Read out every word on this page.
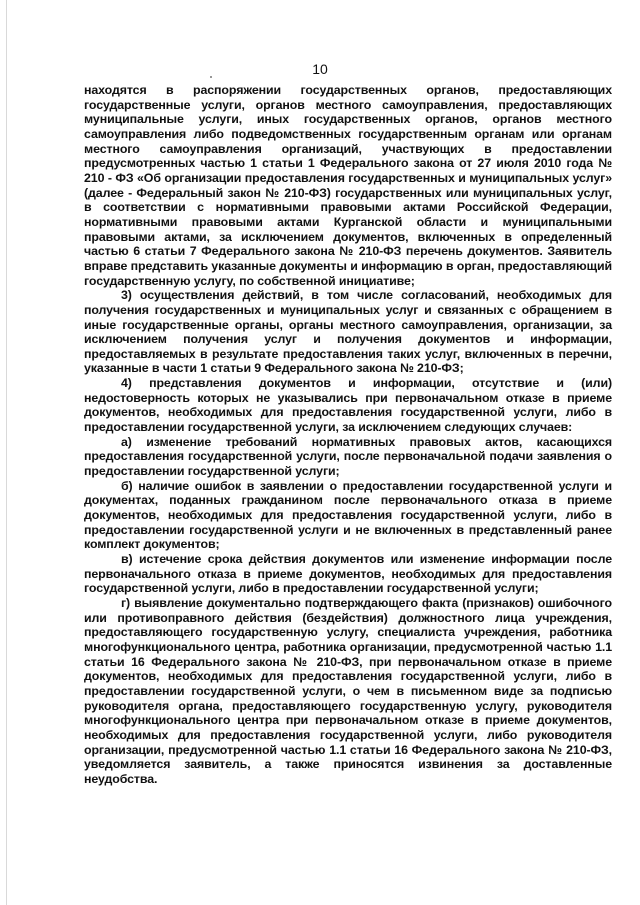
10

находятся в распоряжении государственных органов, предоставляющих государственные услуги, органов местного самоуправления, предоставляющих муниципальные услуги, иных государственных органов, органов местного самоуправления либо подведомственных государственным органам или органам местного самоуправления организаций, участвующих в предоставлении предусмотренных частью 1 статьи 1 Федерального закона от 27 июля 2010 года № 210 - ФЗ «Об организации предоставления государственных и муниципальных услуг» (далее - Федеральный закон № 210-ФЗ) государственных или муниципальных услуг, в соответствии с нормативными правовыми актами Российской Федерации, нормативными правовыми актами Курганской области и муниципальными правовыми актами, за исключением документов, включенных в определенный частью 6 статьи 7 Федерального закона № 210-ФЗ перечень документов. Заявитель вправе представить указанные документы и информацию в орган, предоставляющий государственную услугу, по собственной инициативе;

3) осуществления действий, в том числе согласований, необходимых для получения государственных и муниципальных услуг и связанных с обращением в иные государственные органы, органы местного самоуправления, организации, за исключением получения услуг и получения документов и информации, предоставляемых в результате предоставления таких услуг, включенных в перечни, указанные в части 1 статьи 9 Федерального закона № 210-ФЗ;

4) представления документов и информации, отсутствие и (или) недостоверность которых не указывались при первоначальном отказе в приеме документов, необходимых для предоставления государственной услуги, либо в предоставлении государственной услуги, за исключением следующих случаев:

а) изменение требований нормативных правовых актов, касающихся предоставления государственной услуги, после первоначальной подачи заявления о предоставлении государственной услуги;

б) наличие ошибок в заявлении о предоставлении государственной услуги и документах, поданных гражданином после первоначального отказа в приеме документов, необходимых для предоставления государственной услуги, либо в предоставлении государственной услуги и не включенных в представленный ранее комплект документов;

в) истечение срока действия документов или изменение информации после первоначального отказа в приеме документов, необходимых для предоставления государственной услуги, либо в предоставлении государственной услуги;

г) выявление документально подтверждающего факта (признаков) ошибочного или противоправного действия (бездействия) должностного лица учреждения, предоставляющего государственную услугу, специалиста учреждения, работника многофункционального центра, работника организации, предусмотренной частью 1.1 статьи 16 Федерального закона № 210-ФЗ, при первоначальном отказе в приеме документов, необходимых для предоставления государственной услуги, либо в предоставлении государственной услуги, о чем в письменном виде за подписью руководителя органа, предоставляющего государственную услугу, руководителя многофункционального центра при первоначальном отказе в приеме документов, необходимых для предоставления государственной услуги, либо руководителя организации, предусмотренной частью 1.1 статьи 16 Федерального закона № 210-ФЗ, уведомляется заявитель, а также приносятся извинения за доставленные неудобства.
